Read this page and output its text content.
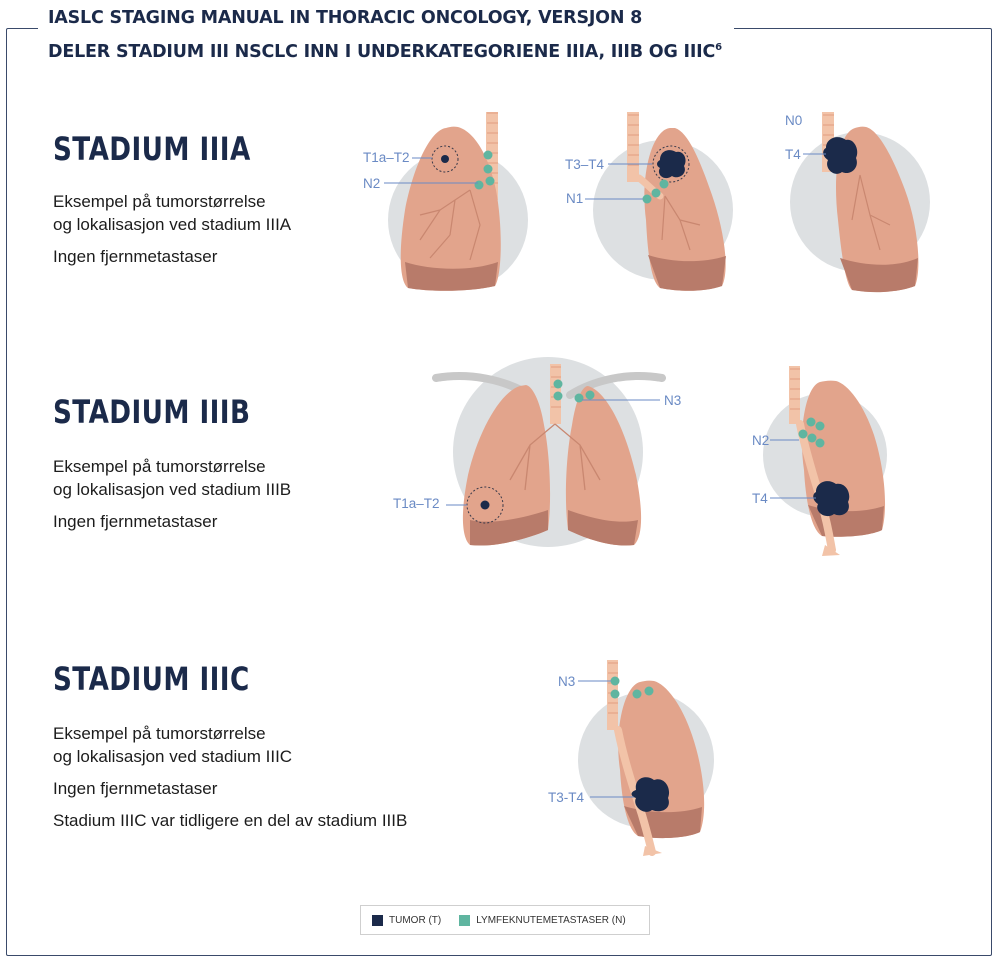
IASLC STAGING MANUAL IN THORACIC ONCOLOGY, VERSJON 8
DELER STADIUM III NSCLC INN I UNDERKATEGORIENE IIIA, IIIB OG IIIC$^6$
STADIUM IIIA

Eksempel på tumorstørrelse
og lokalisasjon ved stadium IIIA

Ingen fjernmetastaser

STADIUM IIIB

Eksempel på tumorstørrelse
og lokalisasjon ved stadium IIIB

Ingen fjernmetastaser

STADIUM IIIC

Eksempel på tumorstørrelse
og lokalisasjon ved stadium IIIC

Ingen fjernmetastaser

Stadium IIIC var tidligere en del av stadium IIIB

T1a–T2
N2
T3–T4
N1
N0
T4
N3
T1a–T2
N2
T4
N3
T3-T4
TUMOR (T)	LYMFEKNUTEMETASTASER (N)
